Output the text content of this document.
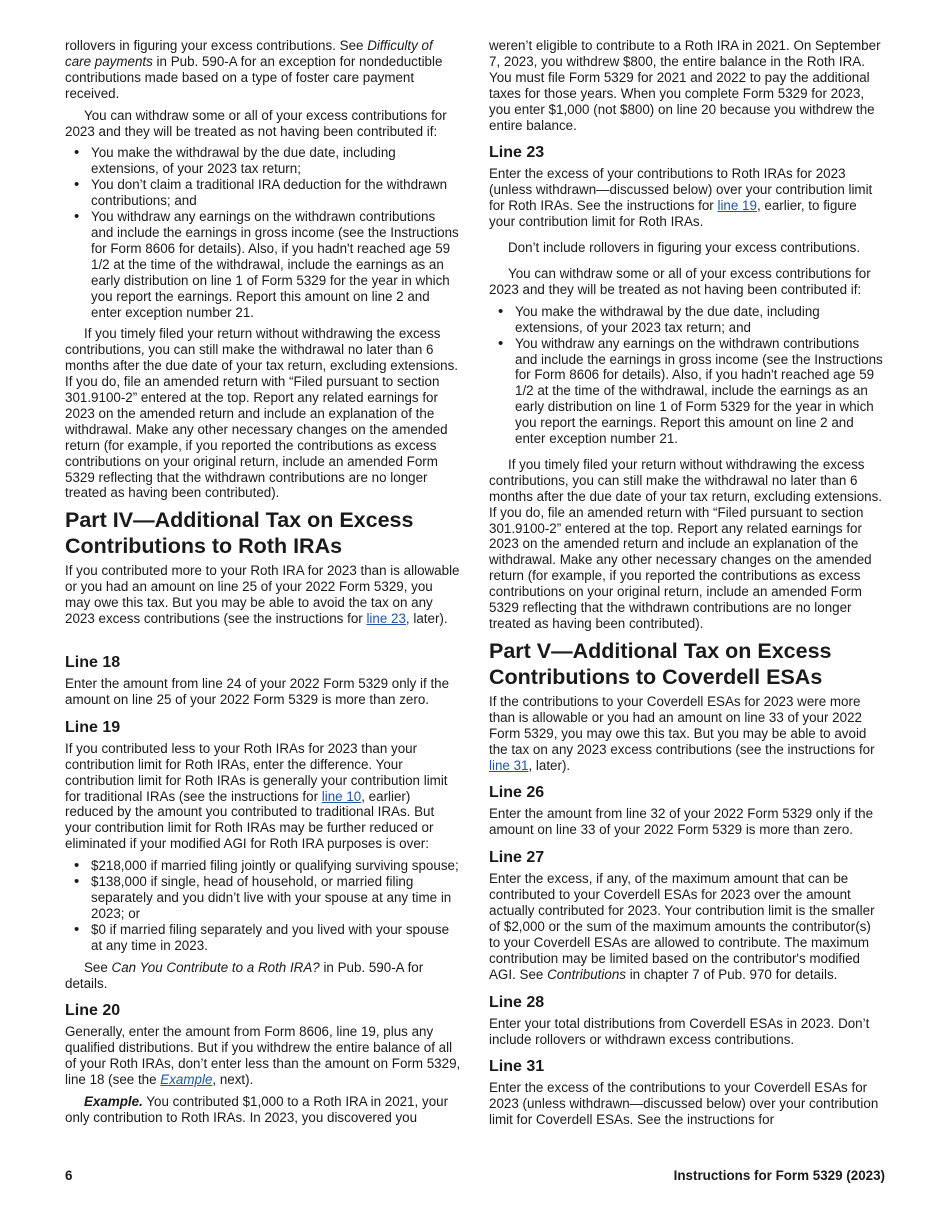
rollovers in figuring your excess contributions. See Difficulty of care payments in Pub. 590-A for an exception for nondeductible contributions made based on a type of foster care payment received.

You can withdraw some or all of your excess contributions for 2023 and they will be treated as not having been contributed if:

• You make the withdrawal by the due date, including extensions, of your 2023 tax return;
• You don’t claim a traditional IRA deduction for the withdrawn contributions; and
• You withdraw any earnings on the withdrawn contributions and include the earnings in gross income (see the Instructions for Form 8606 for details). Also, if you hadn't reached age 59 1/2 at the time of the withdrawal, include the earnings as an early distribution on line 1 of Form 5329 for the year in which you report the earnings. Report this amount on line 2 and enter exception number 21.

If you timely filed your return without withdrawing the excess contributions, you can still make the withdrawal no later than 6 months after the due date of your tax return, excluding extensions. If you do, file an amended return with “Filed pursuant to section 301.9100-2” entered at the top. Report any related earnings for 2023 on the amended return and include an explanation of the withdrawal. Make any other necessary changes on the amended return (for example, if you reported the contributions as excess contributions on your original return, include an amended Form 5329 reflecting that the withdrawn contributions are no longer treated as having been contributed).

Part IV—Additional Tax on Excess Contributions to Roth IRAs

If you contributed more to your Roth IRA for 2023 than is allowable or you had an amount on line 25 of your 2022 Form 5329, you may owe this tax. But you may be able to avoid the tax on any 2023 excess contributions (see the instructions for line 23, later).

Line 18

Enter the amount from line 24 of your 2022 Form 5329 only if the amount on line 25 of your 2022 Form 5329 is more than zero.

Line 19

If you contributed less to your Roth IRAs for 2023 than your contribution limit for Roth IRAs, enter the difference. Your contribution limit for Roth IRAs is generally your contribution limit for traditional IRAs (see the instructions for line 10, earlier) reduced by the amount you contributed to traditional IRAs. But your contribution limit for Roth IRAs may be further reduced or eliminated if your modified AGI for Roth IRA purposes is over:

• $218,000 if married filing jointly or qualifying surviving spouse;
• $138,000 if single, head of household, or married filing separately and you didn’t live with your spouse at any time in 2023; or
• $0 if married filing separately and you lived with your spouse at any time in 2023.

See Can You Contribute to a Roth IRA? in Pub. 590-A for details.

Line 20

Generally, enter the amount from Form 8606, line 19, plus any qualified distributions. But if you withdrew the entire balance of all of your Roth IRAs, don’t enter less than the amount on Form 5329, line 18 (see the Example, next).

Example. You contributed $1,000 to a Roth IRA in 2021, your only contribution to Roth IRAs. In 2023, you discovered you

weren’t eligible to contribute to a Roth IRA in 2021. On September 7, 2023, you withdrew $800, the entire balance in the Roth IRA. You must file Form 5329 for 2021 and 2022 to pay the additional taxes for those years. When you complete Form 5329 for 2023, you enter $1,000 (not $800) on line 20 because you withdrew the entire balance.

Line 23

Enter the excess of your contributions to Roth IRAs for 2023 (unless withdrawn—discussed below) over your contribution limit for Roth IRAs. See the instructions for line 19, earlier, to figure your contribution limit for Roth IRAs.

Don’t include rollovers in figuring your excess contributions.

You can withdraw some or all of your excess contributions for 2023 and they will be treated as not having been contributed if:

• You make the withdrawal by the due date, including extensions, of your 2023 tax return; and
• You withdraw any earnings on the withdrawn contributions and include the earnings in gross income (see the Instructions for Form 8606 for details). Also, if you hadn't reached age 59 1/2 at the time of the withdrawal, include the earnings as an early distribution on line 1 of Form 5329 for the year in which you report the earnings. Report this amount on line 2 and enter exception number 21.

If you timely filed your return without withdrawing the excess contributions, you can still make the withdrawal no later than 6 months after the due date of your tax return, excluding extensions. If you do, file an amended return with “Filed pursuant to section 301.9100-2” entered at the top. Report any related earnings for 2023 on the amended return and include an explanation of the withdrawal. Make any other necessary changes on the amended return (for example, if you reported the contributions as excess contributions on your original return, include an amended Form 5329 reflecting that the withdrawn contributions are no longer treated as having been contributed).

Part V—Additional Tax on Excess Contributions to Coverdell ESAs

If the contributions to your Coverdell ESAs for 2023 were more than is allowable or you had an amount on line 33 of your 2022 Form 5329, you may owe this tax. But you may be able to avoid the tax on any 2023 excess contributions (see the instructions for line 31, later).

Line 26

Enter the amount from line 32 of your 2022 Form 5329 only if the amount on line 33 of your 2022 Form 5329 is more than zero.

Line 27

Enter the excess, if any, of the maximum amount that can be contributed to your Coverdell ESAs for 2023 over the amount actually contributed for 2023. Your contribution limit is the smaller of $2,000 or the sum of the maximum amounts the contributor(s) to your Coverdell ESAs are allowed to contribute. The maximum contribution may be limited based on the contributor's modified AGI. See Contributions in chapter 7 of Pub. 970 for details.

Line 28

Enter your total distributions from Coverdell ESAs in 2023. Don’t include rollovers or withdrawn excess contributions.

Line 31

Enter the excess of the contributions to your Coverdell ESAs for 2023 (unless withdrawn—discussed below) over your contribution limit for Coverdell ESAs. See the instructions for

6	Instructions for Form 5329 (2023)
